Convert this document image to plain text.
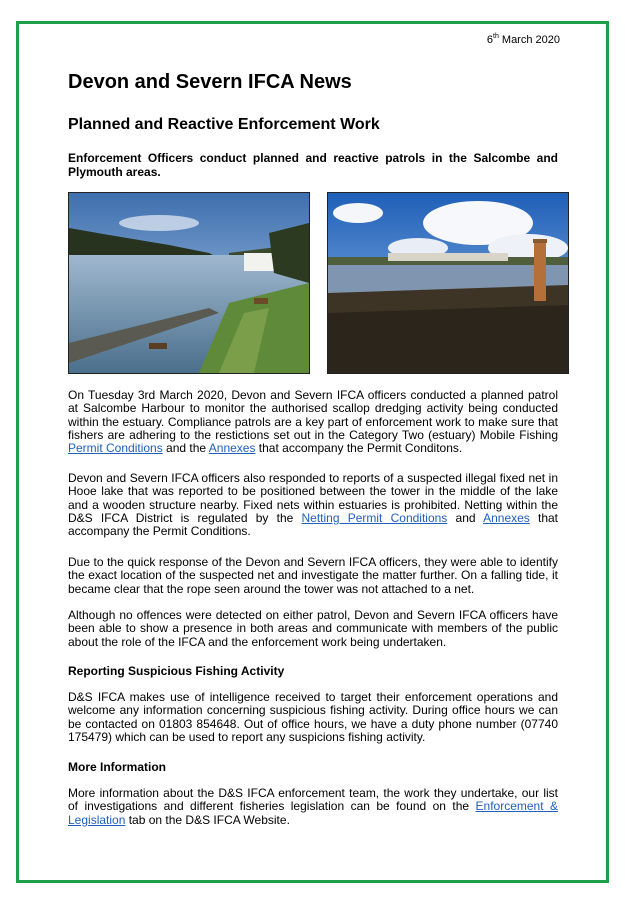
6th March 2020
Devon and Severn IFCA News
Planned and Reactive Enforcement Work

Enforcement Officers conduct planned and reactive patrols in the Salcombe and Plymouth areas.

On Tuesday 3rd March 2020, Devon and Severn IFCA officers conducted a planned patrol at Salcombe Harbour to monitor the authorised scallop dredging activity being conducted within the estuary. Compliance patrols are a key part of enforcement work to make sure that fishers are adhering to the restictions set out in the Category Two (estuary) Mobile Fishing Permit Conditions and the Annexes that accompany the Permit Conditons.

Devon and Severn IFCA officers also responded to reports of a suspected illegal fixed net in Hooe lake that was reported to be positioned between the tower in the middle of the lake and a wooden structure nearby. Fixed nets within estuaries is prohibited. Netting within the D&S IFCA District is regulated by the Netting Permit Conditions and Annexes that accompany the Permit Conditions.

Due to the quick response of the Devon and Severn IFCA officers, they were able to identify the exact location of the suspected net and investigate the matter further. On a falling tide, it became clear that the rope seen around the tower was not attached to a net.

Although no offences were detected on either patrol, Devon and Severn IFCA officers have been able to show a presence in both areas and communicate with members of the public about the role of the IFCA and the enforcement work being undertaken.

Reporting Suspicious Fishing Activity

D&S IFCA makes use of intelligence received to target their enforcement operations and welcome any information concerning suspicious fishing activity. During office hours we can be contacted on 01803 854648. Out of office hours, we have a duty phone number (07740 175479) which can be used to report any suspicions fishing activity.

More Information

More information about the D&S IFCA enforcement team, the work they undertake, our list of investigations and different fisheries legislation can be found on the Enforcement & Legislation tab on the D&S IFCA Website.
